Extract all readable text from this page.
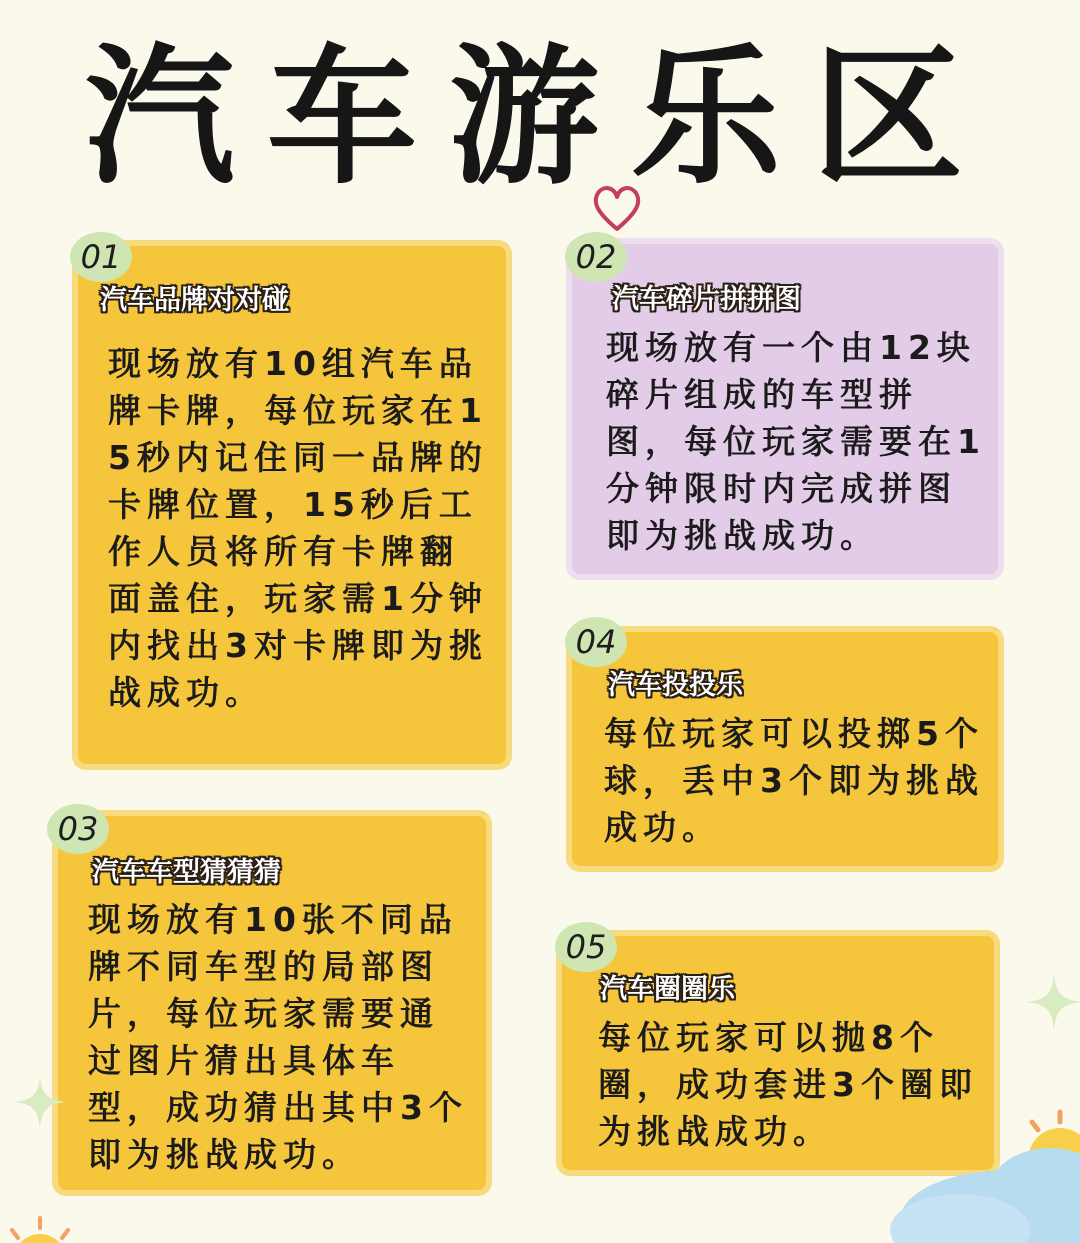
汽车游乐区
01
汽车品牌对对碰
现场放有10组汽车品牌卡牌，每位玩家在15秒内记住同一品牌的卡牌位置，15秒后工作人员将所有卡牌翻面盖住，玩家需1分钟内找出3对卡牌即为挑战成功。
02
汽车碎片拼拼图
现场放有一个由12块碎片组成的车型拼图，每位玩家需要在1分钟限时内完成拼图即为挑战成功。
03
汽车车型猜猜猜
现场放有10张不同品牌不同车型的局部图片，每位玩家需要通过图片猜出具体车型，成功猜出其中3个即为挑战成功。
04
汽车投投乐
每位玩家可以投掷5个球，丢中3个即为挑战成功。
05
汽车圈圈乐
每位玩家可以抛8个圈，成功套进3个圈即为挑战成功。
